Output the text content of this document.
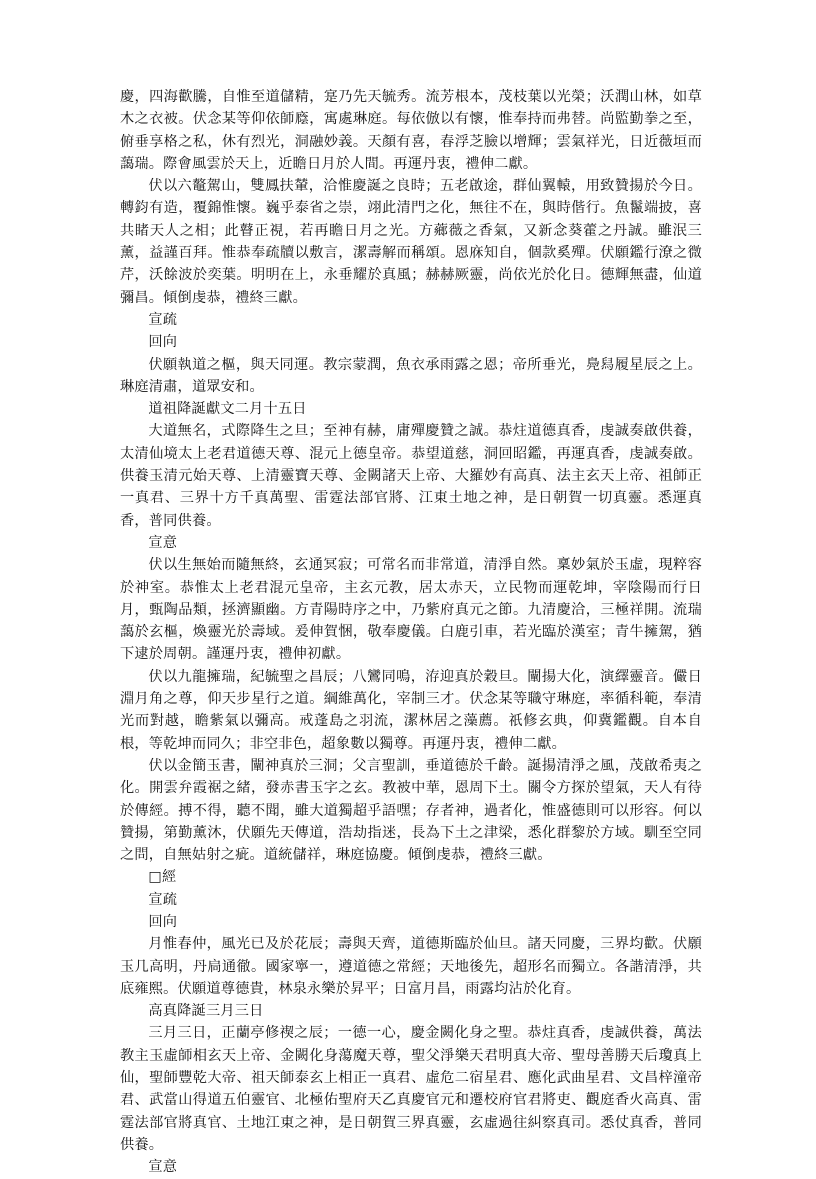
慶，四海歡騰，自惟至道儲精，寔乃先天毓秀。流芳根本，茂枝葉以光榮；沃潤山林，如草木之衣被。伏念某等仰依師廕，寓處琳庭。每依倣以有懷，惟奉持而弗替。尚監勤拳之至，俯垂享格之私，休有烈光，洞融妙義。天顏有喜，春浮芝臉以增輝；雲氣祥光，日近薇垣而藹瑞。際會風雲於天上，近瞻日月於人間。再運丹衷，禮伸二獻。

伏以六鼇駕山，雙鳳扶輦，洽惟慶誕之良時；五老啟途，群仙翼轅，用致贊揚於今日。轉鈞有造，覆錦惟懷。巍乎泰省之崇，翊此清門之化，無往不在，與時偕行。魚鬣端披，喜共睹天人之相；此瞽正視，若再瞻日月之光。方薌薇之香氣，又新念葵藿之丹誠。雖泯三薰，益謹百拜。惟恭奉疏牘以敷言，潔壽解而稱頌。恩庥知自，個款奚殫。伏願鑑行潦之微芹，沃餘波於奕葉。明明在上，永垂耀於真風；赫赫厥靈，尚依光於化日。德輝無盡，仙道彌昌。傾倒虔恭，禮終三獻。

宣疏

回向

伏願執道之樞，與天同運。教宗蒙潤，魚衣承雨露之恩；帝所垂光，鳧舄履星辰之上。琳庭清肅，道眾安和。

道祖降誕獻文二月十五日

大道無名，式際降生之旦；至神有赫，庸殫慶贊之誠。恭炷道德真香，虔誠奏啟供養，太清仙境太上老君道德天尊、混元上德皇帝。恭望道慈，洞回昭鑑，再運真香，虔誠奏啟。供養玉清元始天尊、上清靈寶天尊、金闕諸天上帝、大羅妙有高真、法主玄天上帝、祖師正一真君、三界十方千真萬聖、雷霆法部官將、江東土地之神，是日朝賀一切真靈。悉運真香，普同供養。

宣意

伏以生無始而隨無終，玄通冥寂；可常名而非常道，清淨自然。稟妙氣於玉虛，現粹容於神室。恭惟太上老君混元皇帝，主玄元教，居太赤天，立民物而運乾坤，宰陰陽而行日月，甄陶品類，拯濟顯幽。方青陽時序之中，乃紫府真元之節。九清慶洽，三極祥開。流瑞藹於玄樞，煥靈光於壽域。爰伸賀悃，敬奉慶儀。白鹿引車，若光臨於漢室；青牛擁駕，猶下逮於周朝。謹運丹衷，禮伸初獻。

伏以九龍擁瑞，紀毓聖之昌辰；八鸞同鳴，洊迎真於穀旦。闡揚大化，演繹靈音。儼日淵月角之尊，仰天步星行之道。綱維萬化，宰制三才。伏念某等職守琳庭，率循科範，奉清光而對越，瞻紫氣以彌高。戒蓬島之羽流，潔林居之藻薦。祇修玄典，仰冀鑑觀。自本自根，等乾坤而同久；非空非色，超象數以獨尊。再運丹衷，禮伸二獻。

伏以金簡玉書，闡神真於三洞；父言聖訓，垂道德於千齡。誕揚清淨之風，茂啟希夷之化。開雲弁霞裾之緒，發赤書玉字之玄。教被中華，恩周下土。關令方探於望氣，天人有待於傳經。搏不得，聽不聞，雖大道獨超乎語嘿；存者神，過者化，惟盛德則可以形容。何以贊揚，第勤薰沐，伏願先天傳道，浩劫指迷，長為下土之津梁，悉化群黎於方域。馴至空同之問，自無姑射之疵。道統儲祥，琳庭協慶。傾倒虔恭，禮終三獻。

□經

宣疏

回向

月惟春仲，風光已及於花辰；壽與天齊，道德斯臨於仙旦。諸天同慶，三界均歡。伏願玉几高明，丹扃通徹。國家寧一，遵道德之常經；天地後先，超形名而獨立。各諧清淨，共底雍熙。伏願道尊德貴，林泉永樂於昇平；日富月昌，雨露均沾於化育。

高真降誕三月三日

三月三日，正蘭亭修禊之辰；一德一心，慶金闕化身之聖。恭炷真香，虔誠供養，萬法教主玉虛師相玄天上帝、金闕化身蕩魔天尊，聖父淨樂天君明真大帝、聖母善勝天后瓊真上仙，聖師豐乾大帝、祖天師泰玄上相正一真君、虛危二宿星君、應化武曲星君、文昌梓潼帝君、武當山得道五伯靈官、北極佑聖府天乙真慶官元和遷校府官君將吏、觀庭香火高真、雷霆法部官將真官、土地江東之神，是日朝賀三界真靈，玄虛過往糾察真司。悉仗真香，普同供養。

宣意
